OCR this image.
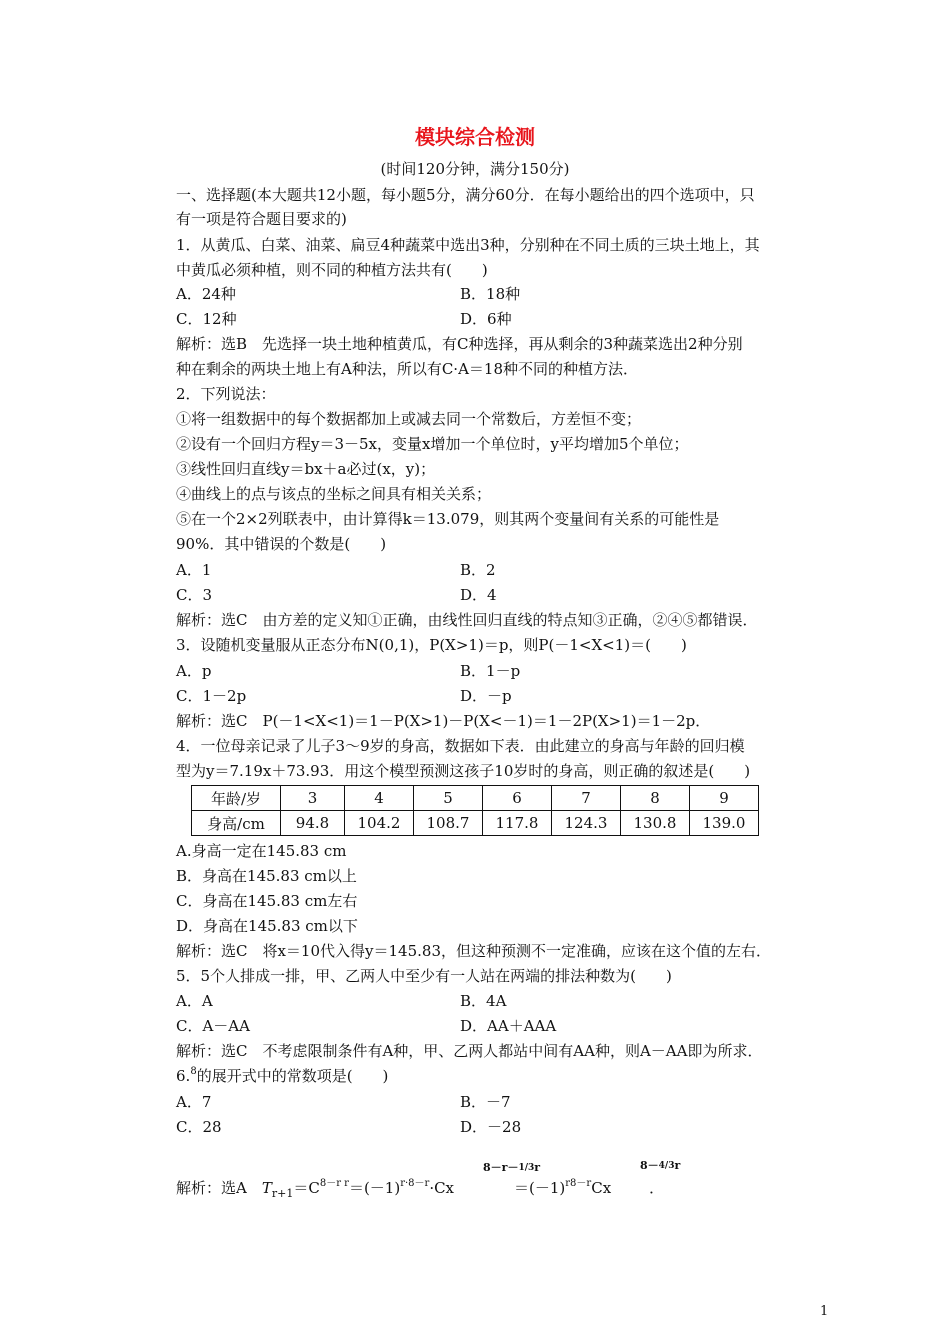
模块综合检测
(时间120分钟，满分150分)
一、选择题(本大题共12小题，每小题5分，满分60分．在每小题给出的四个选项中，只
有一项是符合题目要求的)
1．从黄瓜、白菜、油菜、扁豆4种蔬菜中选出3种，分别种在不同土质的三块土地上，其
中黄瓜必须种植，则不同的种植方法共有(　　)
A．24种	B．18种
C．12种	D．6种
解析：选B　先选择一块土地种植黄瓜，有C种选择，再从剩余的3种蔬菜选出2种分别
种在剩余的两块土地上有A种法，所以有C·A＝18种不同的种植方法．
2．下列说法：
①将一组数据中的每个数据都加上或减去同一个常数后，方差恒不变；
②设有一个回归方程y＝3－5x，变量x增加一个单位时，y平均增加5个单位；
③线性回归直线y＝bx＋a必过(x，y)；
④曲线上的点与该点的坐标之间具有相关关系；
⑤在一个2×2列联表中，由计算得k＝13.079，则其两个变量间有关系的可能性是
90%．其中错误的个数是(　　)
A．1	B．2
C．3	D．4
解析：选C　由方差的定义知①正确，由线性回归直线的特点知③正确，②④⑤都错误．
3．设随机变量服从正态分布N(0,1)，P(X>1)＝p，则P(－1<X<1)＝(　　)
A．p	B．1－p
C．1－2p	D．－p
解析：选C　P(－1<X<1)＝1－P(X>1)－P(X<－1)＝1－2P(X>1)＝1－2p．
4．一位母亲记录了儿子3～9岁的身高，数据如下表．由此建立的身高与年龄的回归模
型为y＝7.19x＋73.93．用这个模型预测这孩子10岁时的身高，则正确的叙述是(　　)
年龄/岁	3	4	5	6	7	8	9
身高/cm	94.8	104.2	108.7	117.8	124.3	130.8	139.0
A.身高一定在145.83 cm
B．身高在145.83 cm以上
C．身高在145.83 cm左右
D．身高在145.83 cm以下
解析：选C　将x＝10代入得y＝145.83，但这种预测不一定准确，应该在这个值的左右．
5．5个人排成一排，甲、乙两人中至少有一人站在两端的排法种数为(　　)
A．A	B．4A
C．A－AA	D．AA＋AAA
解析：选C　不考虑限制条件有A种，甲、乙两人都站中间有AA种，则A－AA即为所求．
6.$^8$的展开式中的常数项是(　　)
A．7	B．－7
C．28	D．－28
解析：选A　$T_{r+1}=C^{8-r r}=(-1)^{r\cdot 8-r}\cdot Cx$	$=(-1)^{r8-r}Cx$	．
8－r－1/3r	8－4/3r
1
